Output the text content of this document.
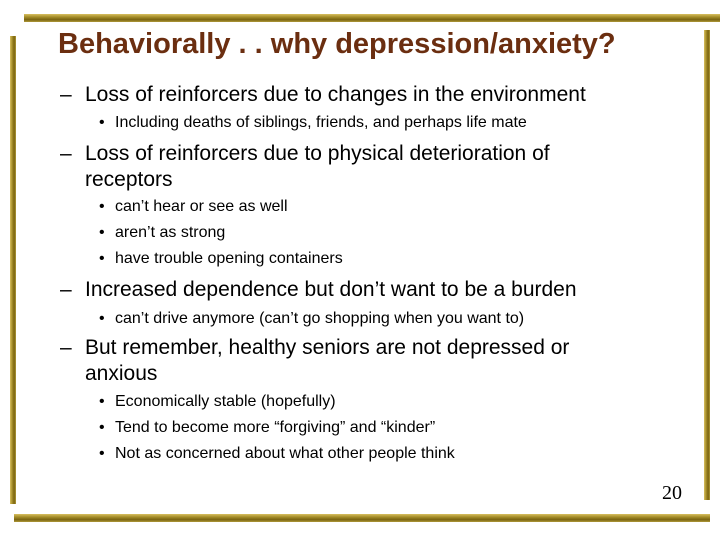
Behaviorally . . why depression/anxiety?
– Loss of reinforcers due to changes in the environment
• Including deaths of siblings, friends, and perhaps life mate
– Loss of reinforcers due to physical deterioration of
receptors
• can’t hear or see as well
• aren’t as strong
• have trouble opening containers
– Increased dependence but don’t want to be a burden
• can’t drive anymore (can’t go shopping when you want to)
– But remember, healthy seniors are not depressed or
anxious
• Economically stable (hopefully)
• Tend to become more “forgiving” and “kinder”
• Not as concerned about what other people think
20
